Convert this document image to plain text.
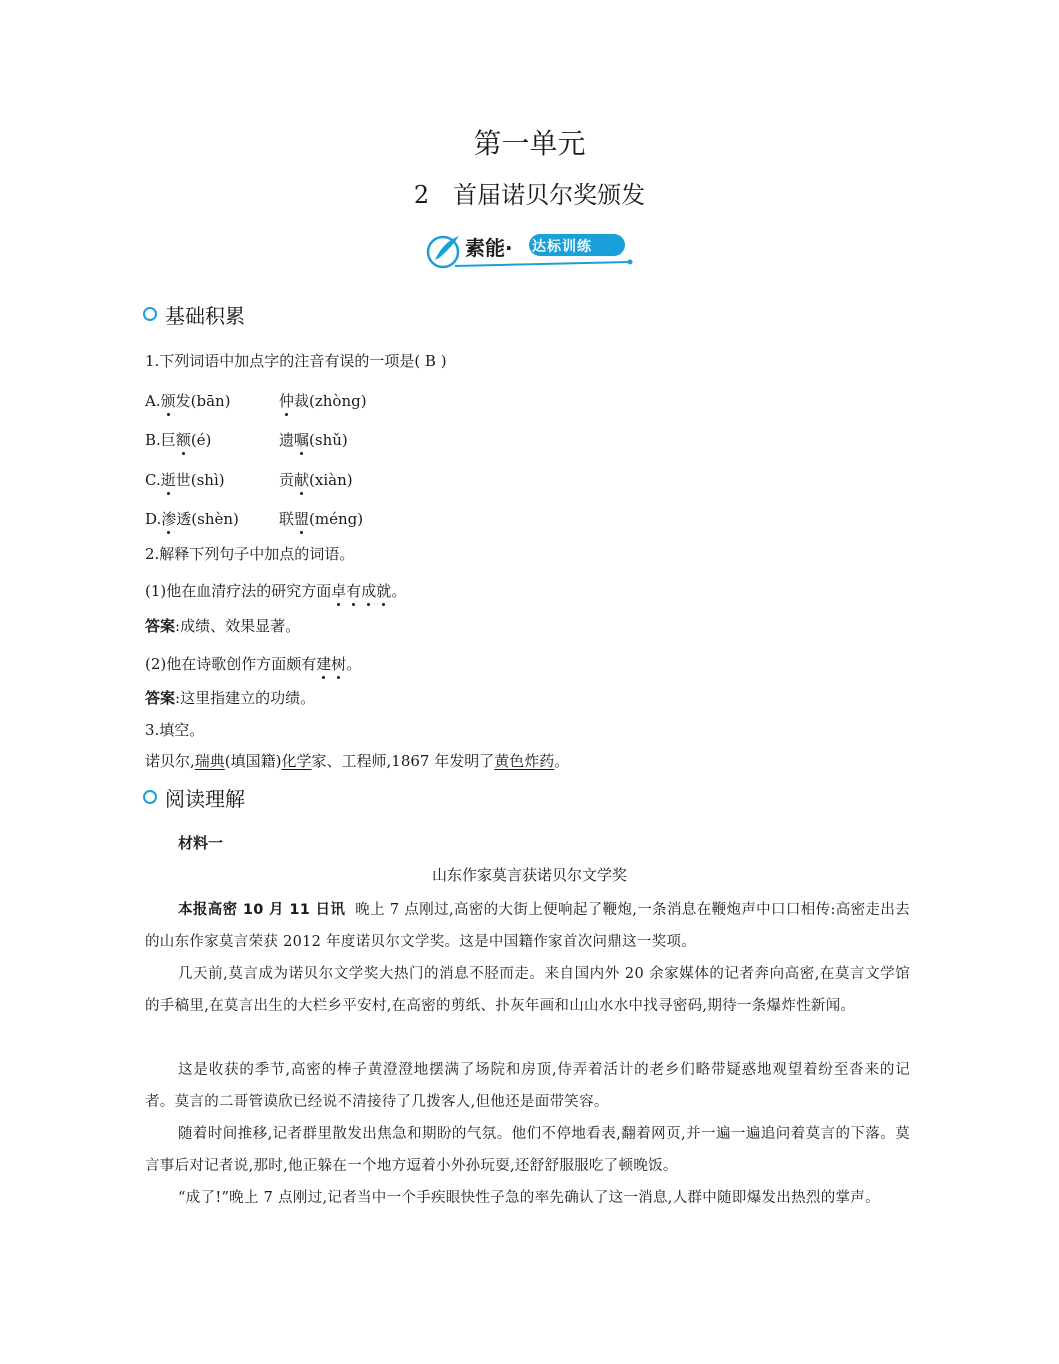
第一单元
2　首届诺贝尔奖颁发
素能· 达标训练
基础积累
1.下列词语中加点字的注音有误的一项是( B )
A.颁发(bān)	仲裁(zhòng)
B.巨额(é)	遗嘱(shǔ)
C.逝世(shì)	贡献(xiàn)
D.渗透(shèn)	联盟(méng)
2.解释下列句子中加点的词语。
(1)他在血清疗法的研究方面卓有成就。
答案:成绩、效果显著。
(2)他在诗歌创作方面颇有建树。
答案:这里指建立的功绩。
3.填空。
诺贝尔,瑞典(填国籍)化学家、工程师,1867 年发明了黄色炸药。
阅读理解
材料一
山东作家莫言获诺贝尔文学奖
本报高密 10 月 11 日讯 晚上 7 点刚过,高密的大街上便响起了鞭炮,一条消息在鞭炮声中口口相传:高密走出去的山东作家莫言荣获 2012 年度诺贝尔文学奖。这是中国籍作家首次问鼎这一奖项。
几天前,莫言成为诺贝尔文学奖大热门的消息不胫而走。来自国内外 20 余家媒体的记者奔向高密,在莫言文学馆的手稿里,在莫言出生的大栏乡平安村,在高密的剪纸、扑灰年画和山山水水中找寻密码,期待一条爆炸性新闻。
这是收获的季节,高密的棒子黄澄澄地摆满了场院和房顶,侍弄着活计的老乡们略带疑惑地观望着纷至沓来的记者。莫言的二哥管谟欣已经说不清接待了几拨客人,但他还是面带笑容。
随着时间推移,记者群里散发出焦急和期盼的气氛。他们不停地看表,翻着网页,并一遍一遍追问着莫言的下落。莫言事后对记者说,那时,他正躲在一个地方逗着小外孙玩耍,还舒舒服服吃了顿晚饭。
“成了!”晚上 7 点刚过,记者当中一个手疾眼快性子急的率先确认了这一消息,人群中随即爆发出热烈的掌声。
